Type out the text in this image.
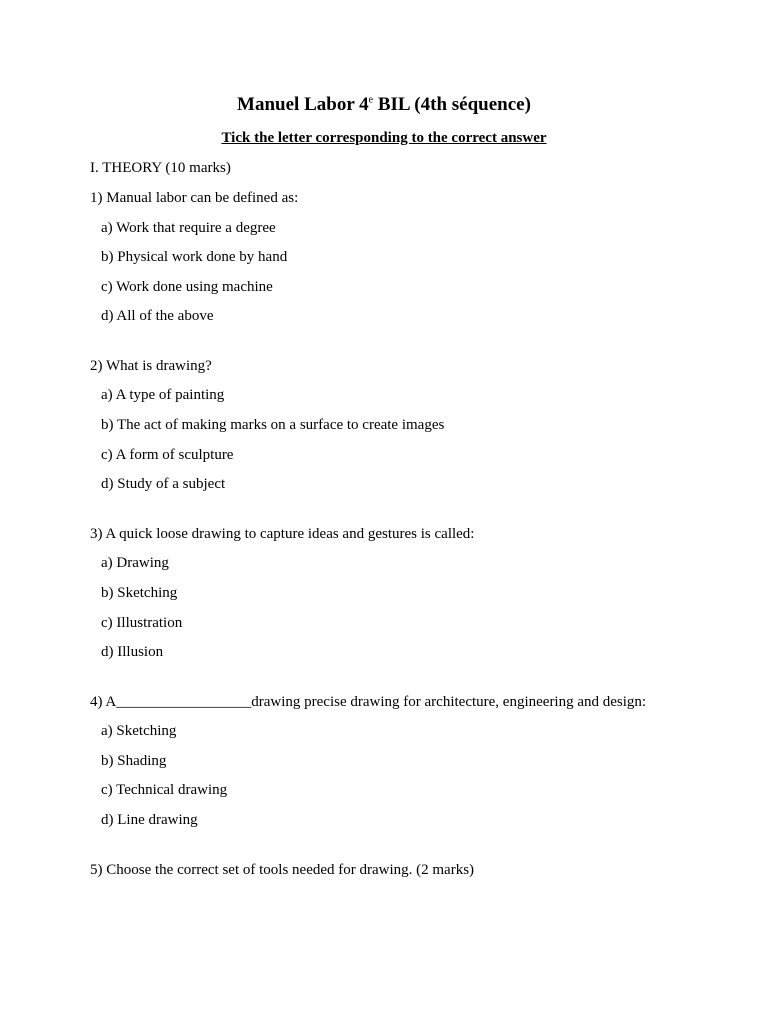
Manuel Labor 4e BIL (4th séquence)
Tick the letter corresponding to the correct answer
I. THEORY (10 marks)
1) Manual labor can be defined as:
a) Work that require a degree
b) Physical work done by hand
c) Work done using machine
d) All of the above
2) What is drawing?
a) A type of painting
b) The act of making marks on a surface to create images
c) A form of sculpture
d) Study of a subject
3) A quick loose drawing to capture ideas and gestures is called:
a) Drawing
b) Sketching
c) Illustration
d) Illusion
4) A__________________drawing precise drawing for architecture, engineering and design:
a) Sketching
b) Shading
c) Technical drawing
d) Line drawing
5) Choose the correct set of tools needed for drawing. (2 marks)
